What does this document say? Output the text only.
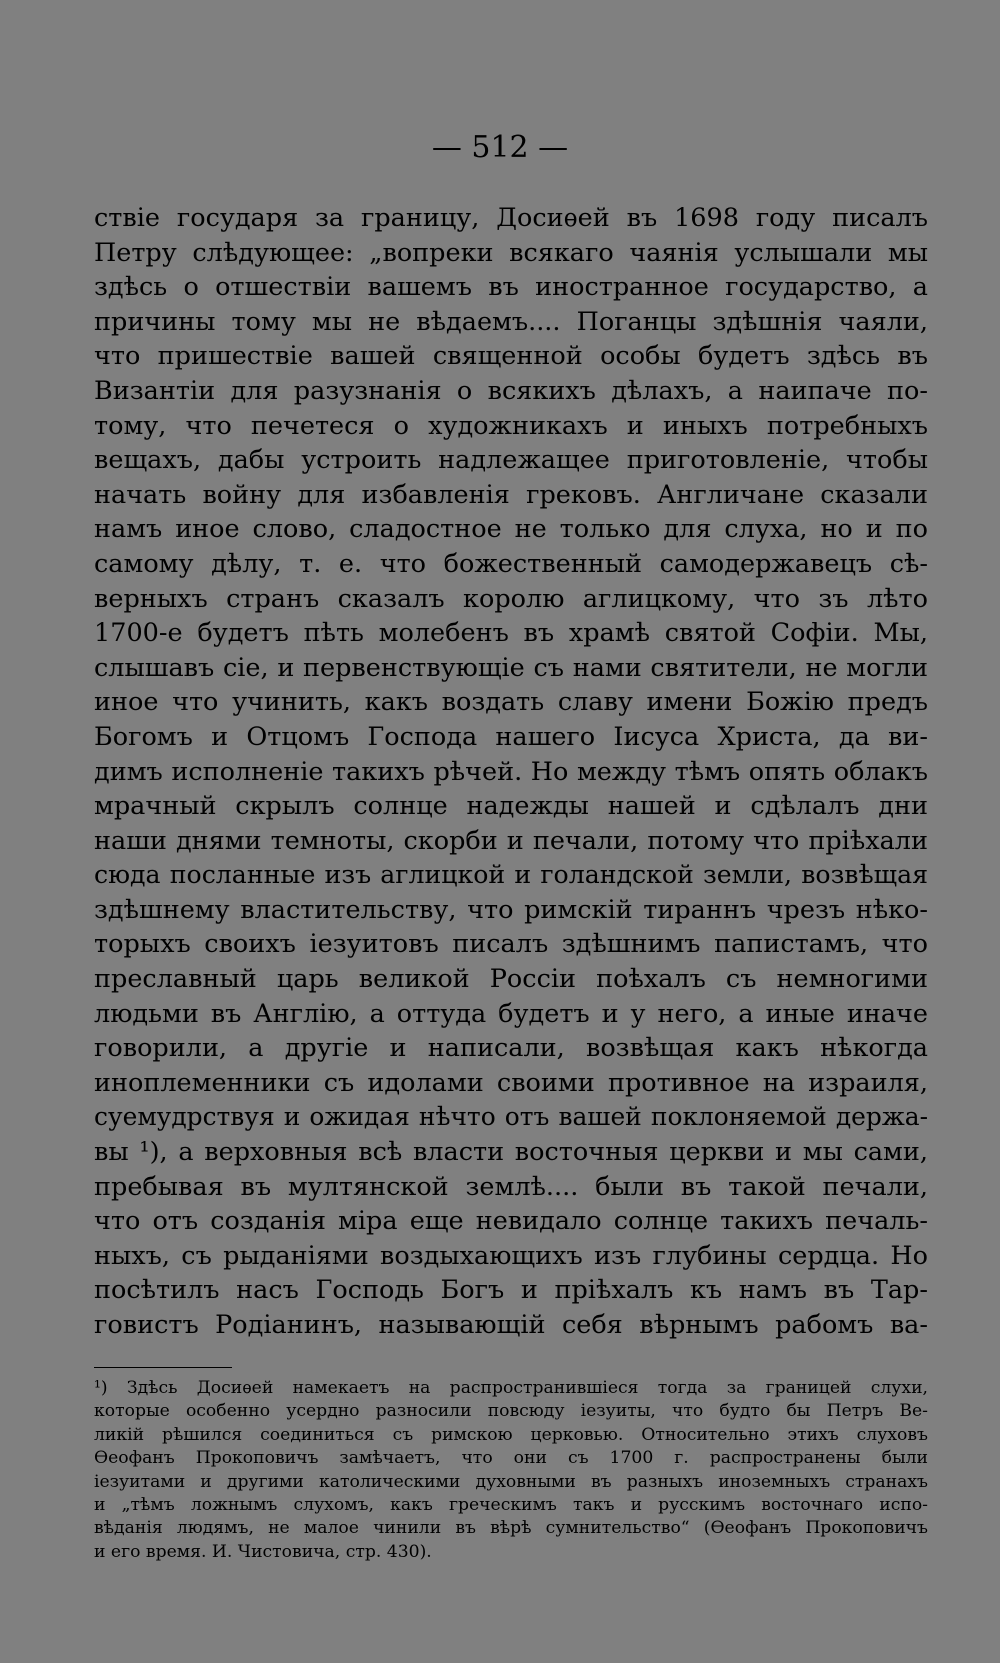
— 512 —
ствіе государя за границу, Досиѳей въ 1698 году писалъ
Петру слѣдующее: „вопреки всякаго чаянія услышали мы
здѣсь о отшествіи вашемъ въ иностранное государство, а
причины тому мы не вѣдаемъ.... Поганцы здѣшнія чаяли,
что пришествіе вашей священной особы будетъ здѣсь въ
Византіи для разузнанія о всякихъ дѣлахъ, а наипаче по-
тому, что печетеся о художникахъ и иныхъ потребныхъ
вещахъ, дабы устроить надлежащее приготовленіе, чтобы
начать войну для избавленія грековъ. Англичане сказали
намъ иное слово, сладостное не только для слуха, но и по
самому дѣлу, т. е. что божественный самодержавецъ сѣ-
верныхъ странъ сказалъ королю аглицкому, что зъ лѣто
1700-е будетъ пѣть молебенъ въ храмѣ святой Софіи. Мы,
слышавъ сіе, и первенствующіе съ нами святители, не могли
иное что учинить, какъ воздать славу имени Божію предъ
Богомъ и Отцомъ Господа нашего Іисуса Христа, да ви-
димъ исполненіе такихъ рѣчей. Но между тѣмъ опять облакъ
мрачный скрылъ солнце надежды нашей и сдѣлалъ дни
наши днями темноты, скорби и печали, потому что пріѣхали
сюда посланные изъ аглицкой и голандской земли, возвѣщая
здѣшнему властительству, что римскій тираннъ чрезъ нѣко-
торыхъ своихъ іезуитовъ писалъ здѣшнимъ папистамъ, что
преславный царь великой Россіи поѣхалъ съ немногими
людьми въ Англію, а оттуда будетъ и у него, а иные иначе
говорили, а другіе и написали, возвѣщая какъ нѣкогда
иноплеменники съ идолами своими противное на израиля,
суемудрствуя и ожидая нѣчто отъ вашей поклоняемой держа-
вы ¹), а верховныя всѣ власти восточныя церкви и мы сами,
пребывая въ мултянской землѣ.... были въ такой печали,
что отъ созданія міра еще невидало солнце такихъ печаль-
ныхъ, съ рыданіями воздыхающихъ изъ глубины сердца. Но
посѣтилъ насъ Господь Богъ и пріѣхалъ къ намъ въ Тар-
говистъ Родіанинъ, называющій себя вѣрнымъ рабомъ ва-
¹) Здѣсь Досиѳей намекаетъ на распространившіеся тогда за границей слухи,
которые особенно усердно разносили повсюду іезуиты, что будто бы Петръ Ве-
ликій рѣшился соединиться съ римскою церковью. Относительно этихъ слуховъ
Ѳеофанъ Прокоповичъ замѣчаетъ, что они съ 1700 г. распространены были
іезуитами и другими католическими духовными въ разныхъ иноземныхъ странахъ
и „тѣмъ ложнымъ слухомъ, какъ греческимъ такъ и русскимъ восточнаго испо-
вѣданія людямъ, не малое чинили въ вѣрѣ сумнительство“ (Ѳеофанъ Прокоповичъ
и его время. И. Чистовича, стр. 430).
